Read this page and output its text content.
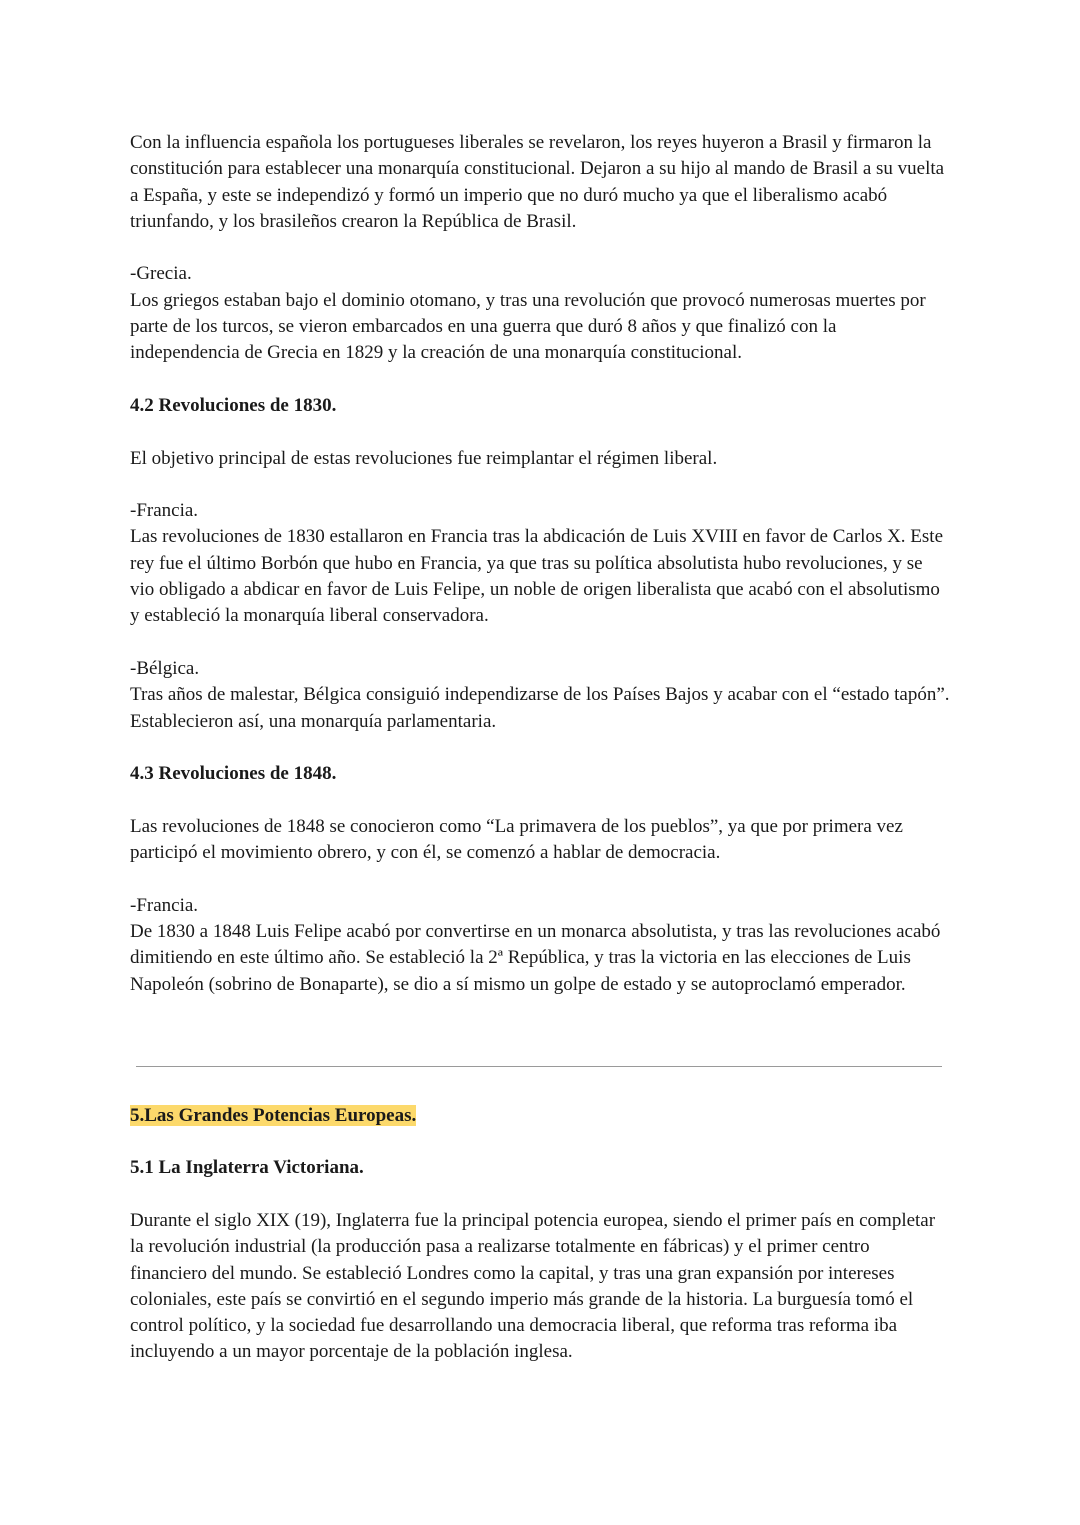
Con la influencia española los portugueses liberales se revelaron, los reyes huyeron a Brasil y firmaron la constitución para establecer una monarquía constitucional. Dejaron a su hijo al mando de Brasil a su vuelta a España, y este se independizó y formó un imperio que no duró mucho ya que el liberalismo acabó triunfando, y los brasileños crearon la República de Brasil.

-Grecia.

Los griegos estaban bajo el dominio otomano, y tras una revolución que provocó numerosas muertes por parte de los turcos, se vieron embarcados en una guerra que duró 8 años y que finalizó con la independencia de Grecia en 1829 y la creación de una monarquía constitucional.

4.2 Revoluciones de 1830.

El objetivo principal de estas revoluciones fue reimplantar el régimen liberal.

-Francia.

Las revoluciones de 1830 estallaron en Francia tras la abdicación de Luis XVIII en favor de Carlos X. Este rey fue el último Borbón que hubo en Francia, ya que tras su política absolutista hubo revoluciones, y se vio obligado a abdicar en favor de Luis Felipe, un noble de origen liberalista que acabó con el absolutismo y estableció la monarquía liberal conservadora.

-Bélgica.

Tras años de malestar, Bélgica consiguió independizarse de los Países Bajos y acabar con el “estado tapón”. Establecieron así, una monarquía parlamentaria.

4.3 Revoluciones de 1848.

Las revoluciones de 1848 se conocieron como “La primavera de los pueblos”, ya que por primera vez participó el movimiento obrero, y con él, se comenzó a hablar de democracia.

-Francia.

De 1830 a 1848 Luis Felipe acabó por convertirse en un monarca absolutista, y tras las revoluciones acabó dimitiendo en este último año. Se estableció la 2ª República, y tras la victoria en las elecciones de Luis Napoleón (sobrino de Bonaparte), se dio a sí mismo un golpe de estado y se autoproclamó emperador.

5.Las Grandes Potencias Europeas.

5.1 La Inglaterra Victoriana.

Durante el siglo XIX (19), Inglaterra fue la principal potencia europea, siendo el primer país en completar la revolución industrial (la producción pasa a realizarse totalmente en fábricas) y el primer centro financiero del mundo. Se estableció Londres como la capital, y tras una gran expansión por intereses coloniales, este país se convirtió en el segundo imperio más grande de la historia. La burguesía tomó el control político, y la sociedad fue desarrollando una democracia liberal, que reforma tras reforma iba incluyendo a un mayor porcentaje de la población inglesa.
